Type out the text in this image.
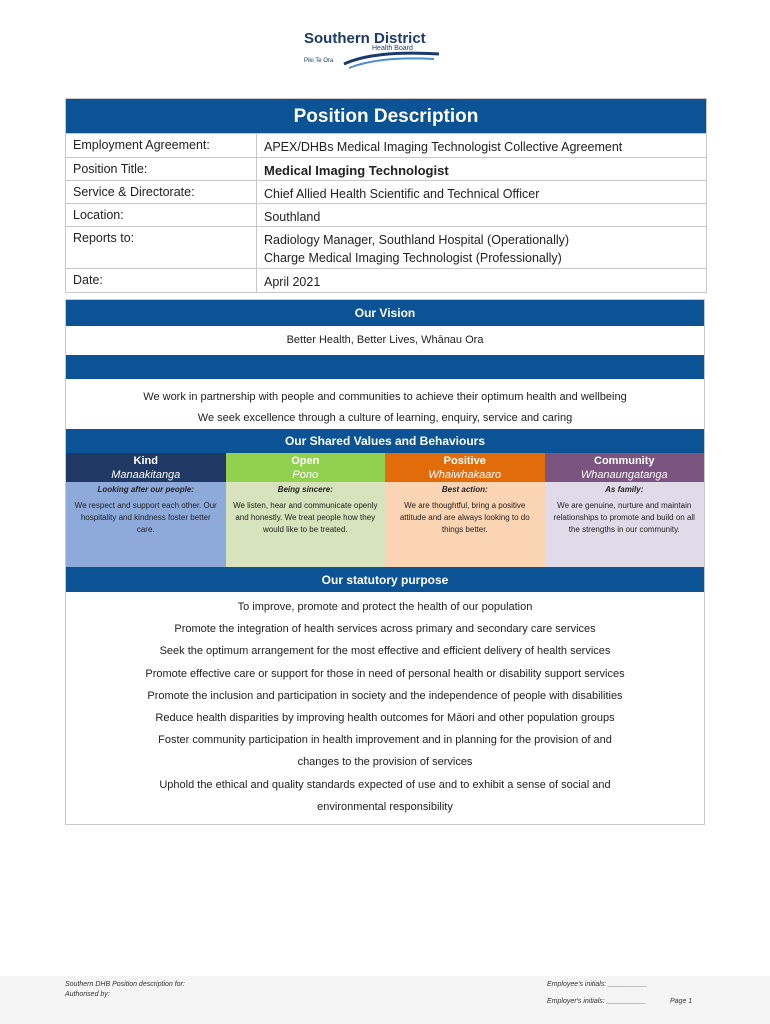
Southern District
Health Board
Piki Te Ora
Position Description
Employment Agreement:	APEX/DHBs Medical Imaging Technologist Collective Agreement
Position Title:	Medical Imaging Technologist
Service & Directorate:	Chief Allied Health Scientific and Technical Officer
Location:	Southland
Reports to:	Radiology Manager, Southland Hospital (Operationally)
Charge Medical Imaging Technologist (Professionally)
Date:	April 2021
Our Vision
Better Health, Better Lives, Whānau Ora
We work in partnership with people and communities to achieve their optimum health and wellbeing
We seek excellence through a culture of learning, enquiry, service and caring
Our Shared Values and Behaviours
Kind
Manaakitanga
Looking after our people:
We respect and support each other. Our hospitality and kindness foster better care.
Open
Pono
Being sincere:
We listen, hear and communicate openly and honestly. We treat people how they would like to be treated.
Positive
Whaiwhakaaro
Best action:
We are thoughtful, bring a positive attitude and are always looking to do things better.
Community
Whanaungatanga
As family:
We are genuine, nurture and maintain relationships to promote and build on all the strengths in our community.
Our statutory purpose
To improve, promote and protect the health of our population
Promote the integration of health services across primary and secondary care services
Seek the optimum arrangement for the most effective and efficient delivery of health services
Promote effective care or support for those in need of personal health or disability support services
Promote the inclusion and participation in society and the independence of people with disabilities
Reduce health disparities by improving health outcomes for Māori and other population groups
Foster community participation in health improvement and in planning for the provision of and
changes to the provision of services
Uphold the ethical and quality standards expected of use and to exhibit a sense of social and
environmental responsibility
Southern DHB Position description for:
Authorised by:
Employee's initials: __________
Employer's initials: __________	Page 1
